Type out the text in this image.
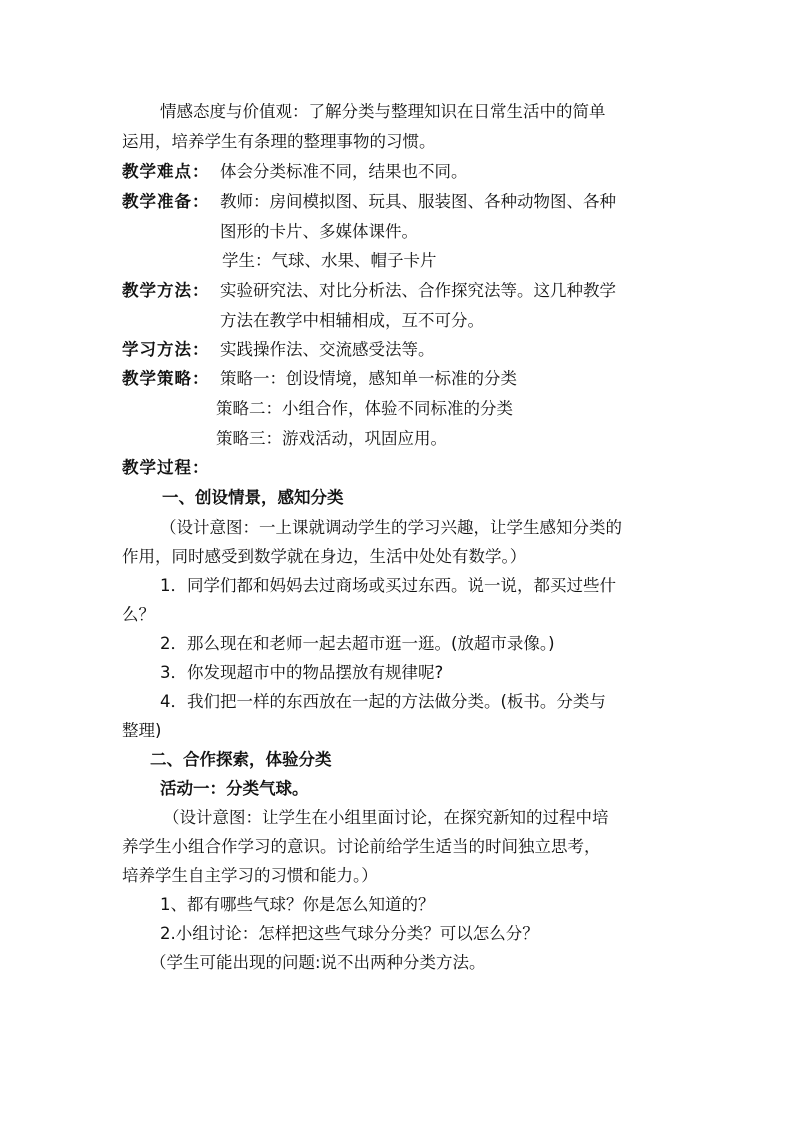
情感态度与价值观：了解分类与整理知识在日常生活中的简单
运用，培养学生有条理的整理事物的习惯。
教学难点： 体会分类标准不同，结果也不同。
教学准备： 教师：房间模拟图、玩具、服装图、各种动物图、各种
图形的卡片、多媒体课件。
学生：气球、水果、帽子卡片
教学方法： 实验研究法、对比分析法、合作探究法等。这几种教学
方法在教学中相辅相成，互不可分。
学习方法： 实践操作法、交流感受法等。
教学策略： 策略一：创设情境，感知单一标准的分类
策略二：小组合作，体验不同标准的分类
策略三：游戏活动，巩固应用。
教学过程：
一、创设情景，感知分类
（设计意图：一上课就调动学生的学习兴趣，让学生感知分类的
作用，同时感受到数学就在身边，生活中处处有数学。）
1．同学们都和妈妈去过商场或买过东西。说一说，都买过些什
么？
2．那么现在和老师一起去超市逛一逛。(放超市录像。)
3．你发现超市中的物品摆放有规律呢?
4．我们把一样的东西放在一起的方法做分类。(板书。分类与
整理)
二、合作探索，体验分类
活动一：分类气球。
（设计意图：让学生在小组里面讨论，在探究新知的过程中培
养学生小组合作学习的意识。讨论前给学生适当的时间独立思考，
培养学生自主学习的习惯和能力。）
1、都有哪些气球？你是怎么知道的？
2.小组讨论：怎样把这些气球分分类？可以怎么分？
（学生可能出现的问题:说不出两种分类方法。
